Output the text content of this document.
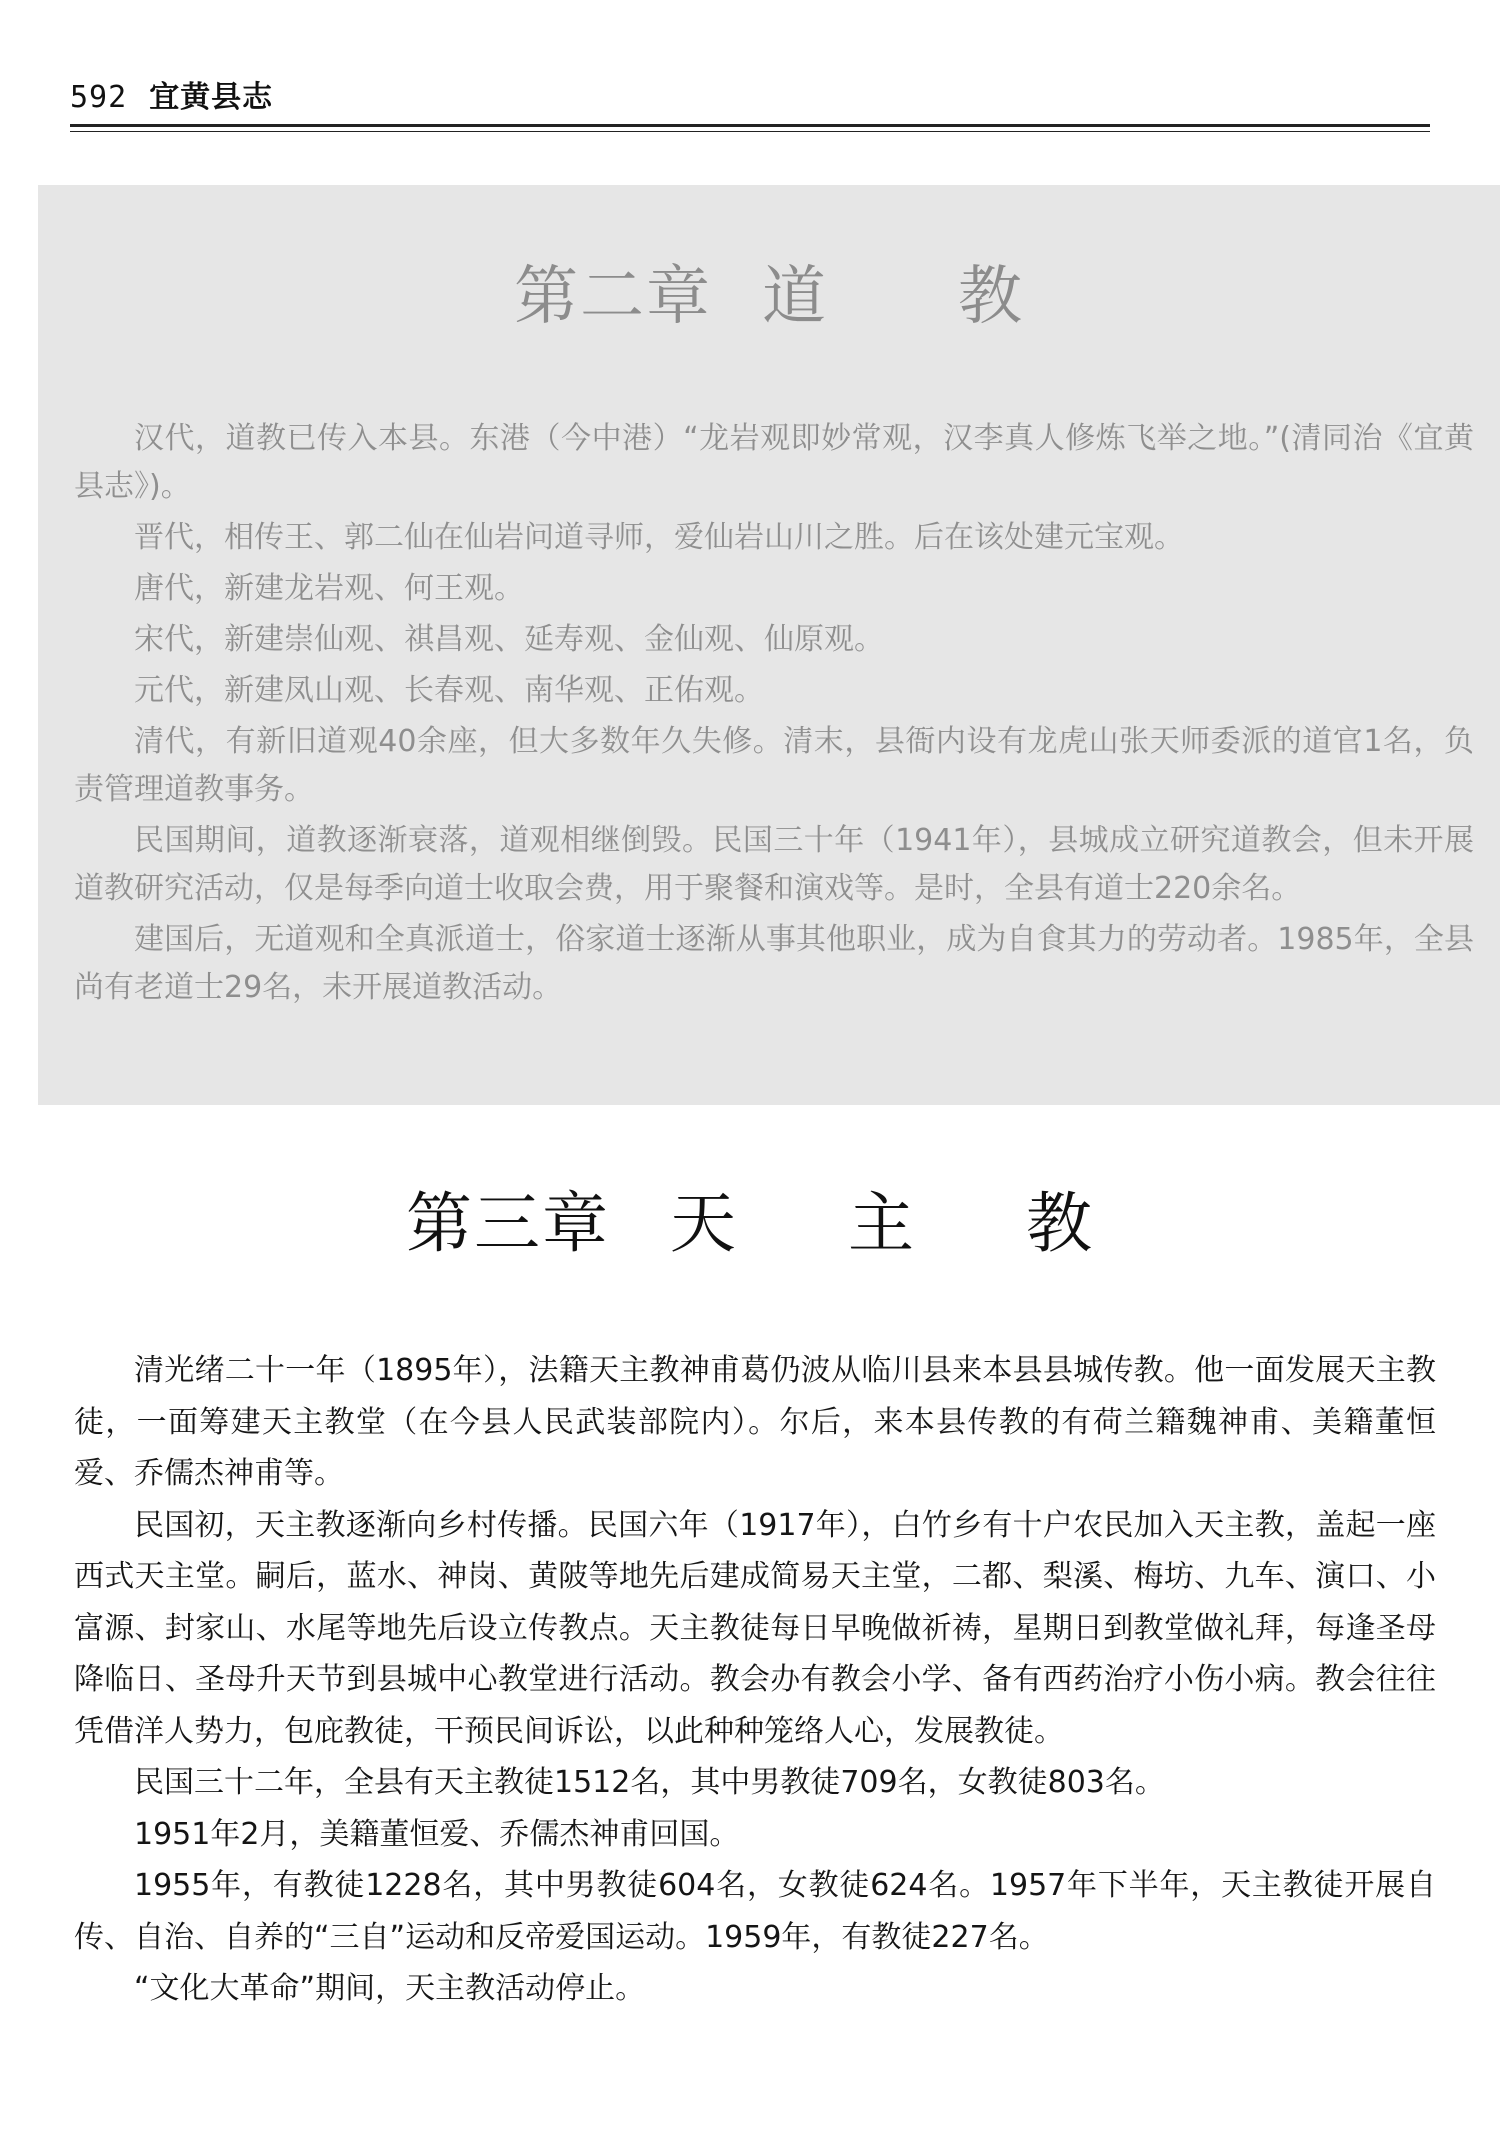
592 宜黄县志
第二章 道 教

汉代，道教已传入本县。东港（今中港）“龙岩观即妙常观，汉李真人修炼飞举之地。”(清同治《宜黄县志》)。

晋代，相传王、郭二仙在仙岩问道寻师，爱仙岩山川之胜。后在该处建元宝观。

唐代，新建龙岩观、何王观。

宋代，新建崇仙观、祺昌观、延寿观、金仙观、仙原观。

元代，新建凤山观、长春观、南华观、正佑观。

清代，有新旧道观40余座，但大多数年久失修。清末，县衙内设有龙虎山张天师委派的道官1名，负责管理道教事务。

民国期间，道教逐渐衰落，道观相继倒毁。民国三十年（1941年），县城成立研究道教会，但未开展道教研究活动，仅是每季向道士收取会费，用于聚餐和演戏等。是时，全县有道士220余名。

建国后，无道观和全真派道士，俗家道士逐渐从事其他职业，成为自食其力的劳动者。1985年，全县尚有老道士29名，未开展道教活动。

第三章 天 主 教

清光绪二十一年（1895年），法籍天主教神甫葛仍波从临川县来本县县城传教。他一面发展天主教徒，一面筹建天主教堂（在今县人民武装部院内）。尔后，来本县传教的有荷兰籍魏神甫、美籍董恒爱、乔儒杰神甫等。

民国初，天主教逐渐向乡村传播。民国六年（1917年），白竹乡有十户农民加入天主教，盖起一座西式天主堂。嗣后，蓝水、神岗、黄陂等地先后建成简易天主堂，二都、梨溪、梅坊、九车、演口、小富源、封家山、水尾等地先后设立传教点。天主教徒每日早晚做祈祷，星期日到教堂做礼拜，每逢圣母降临日、圣母升天节到县城中心教堂进行活动。教会办有教会小学、备有西药治疗小伤小病。教会往往凭借洋人势力，包庇教徒，干预民间诉讼，以此种种笼络人心，发展教徒。

民国三十二年，全县有天主教徒1512名，其中男教徒709名，女教徒803名。

1951年2月，美籍董恒爱、乔儒杰神甫回国。

1955年，有教徒1228名，其中男教徒604名，女教徒624名。1957年下半年，天主教徒开展自传、自治、自养的“三自”运动和反帝爱国运动。1959年，有教徒227名。

“文化大革命”期间，天主教活动停止。
